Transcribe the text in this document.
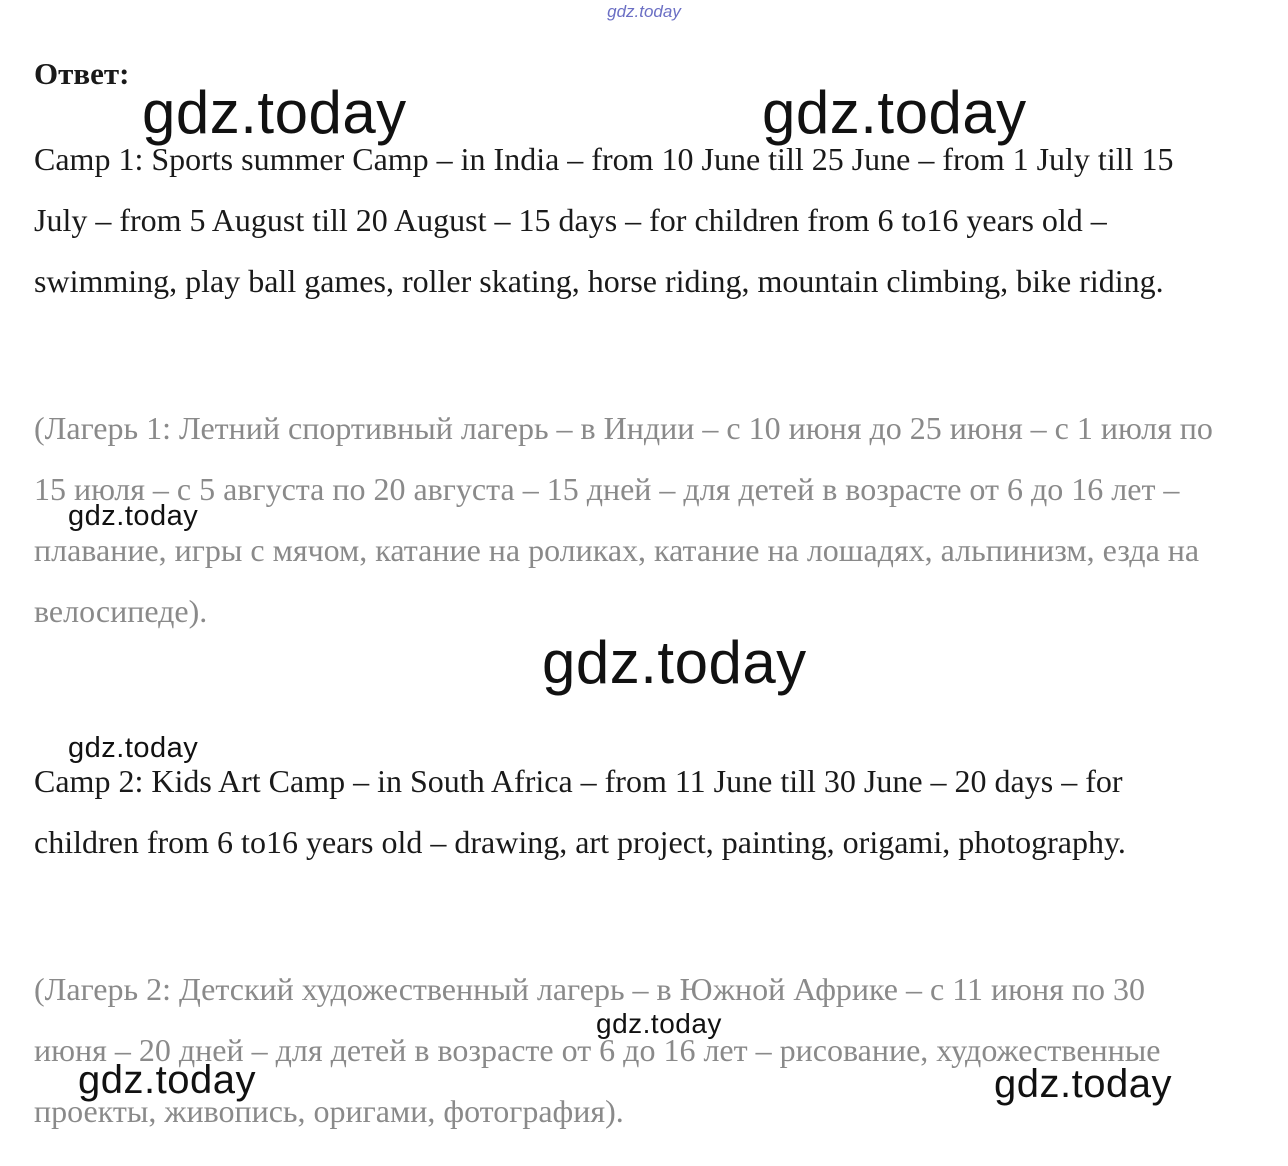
gdz.today
Ответ:

Camp 1: Sports summer Camp – in India – from 10 June till 25 June – from 1 July till 15 July – from 5 August till 20 August – 15 days – for children from 6 to16 years old – swimming, play ball games, roller skating, horse riding, mountain climbing, bike riding.

(Лагерь 1: Летний спортивный лагерь – в Индии – с 10 июня до 25 июня – с 1 июля по 15 июля – с 5 августа по 20 августа – 15 дней – для детей в возрасте от 6 до 16 лет – плавание, игры с мячом, катание на роликах, катание на лошадях, альпинизм, езда на велосипеде).

Camp 2: Kids Art Camp – in South Africa – from 11 June till 30 June – 20 days – for children from 6 to16 years old – drawing, art project, painting, origami, photography.

(Лагерь 2: Детский художественный лагерь – в Южной Африке – с 11 июня по 30 июня – 20 дней – для детей в возрасте от 6 до 16 лет – рисование, художественные проекты, живопись, оригами, фотография).

gdz.today	gdz.today
gdz.today
gdz.today
gdz.today
gdz.today
gdz.today	gdz.today
